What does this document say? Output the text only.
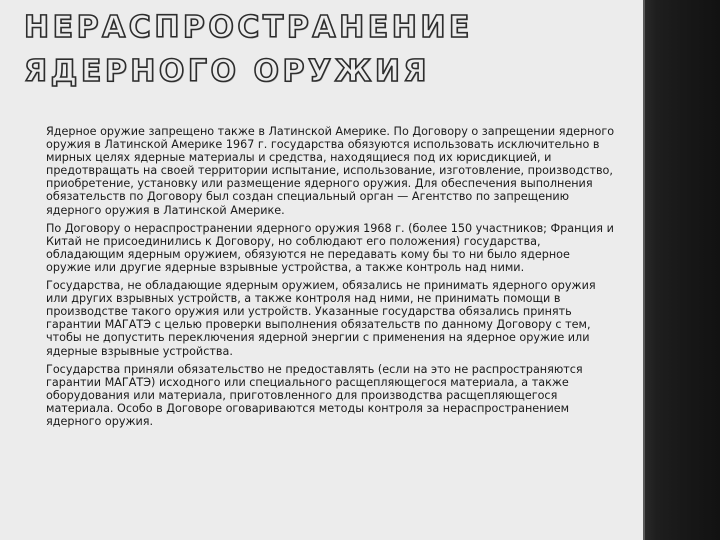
НЕРАСПРОСТРАНЕНИЕ ЯДЕРНОГО ОРУЖИЯ

Ядерное оружие запрещено также в Латинской Америке. По Договору о запрещении ядерного оружия в Латинской Америке 1967 г. государства обязуются использовать исключительно в мирных целях ядерные материалы и средства, находящиеся под их юрисдикцией, и предотвращать на своей территории испытание, использование, изготовление, производство, приобретение, установку или размещение ядерного оружия. Для обеспечения выполнения обязательств по Договору был создан специальный орган — Агентство по запрещению ядерного оружия в Латинской Америке.

По Договору о нераспространении ядерного оружия 1968 г. (более 150 участников; Франция и Китай не присоединились к Договору, но соблюдают его положения) государства, обладающим ядерным оружием, обязуются не передавать кому бы то ни было ядерное оружие или другие ядерные взрывные устройства, а также контроль над ними.

Государства, не обладающие ядерным оружием, обязались не принимать ядерного оружия или других взрывных устройств, а также контроля над ними, не принимать помощи в производстве такого оружия или устройств. Указанные государства обязались принять гарантии МАГАТЭ с целью проверки выполнения обязательств по данному Договору с тем, чтобы не допустить переключения ядерной энергии с применения на ядерное оружие или ядерные взрывные устройства.

Государства приняли обязательство не предоставлять (если на это не распространяются гарантии МАГАТЭ) исходного или специального расщепляющегося материала, а также оборудования или материала, приготовленного для производства расщепляющегося материала. Особо в Договоре оговариваются методы контроля за нераспространением ядерного оружия.
